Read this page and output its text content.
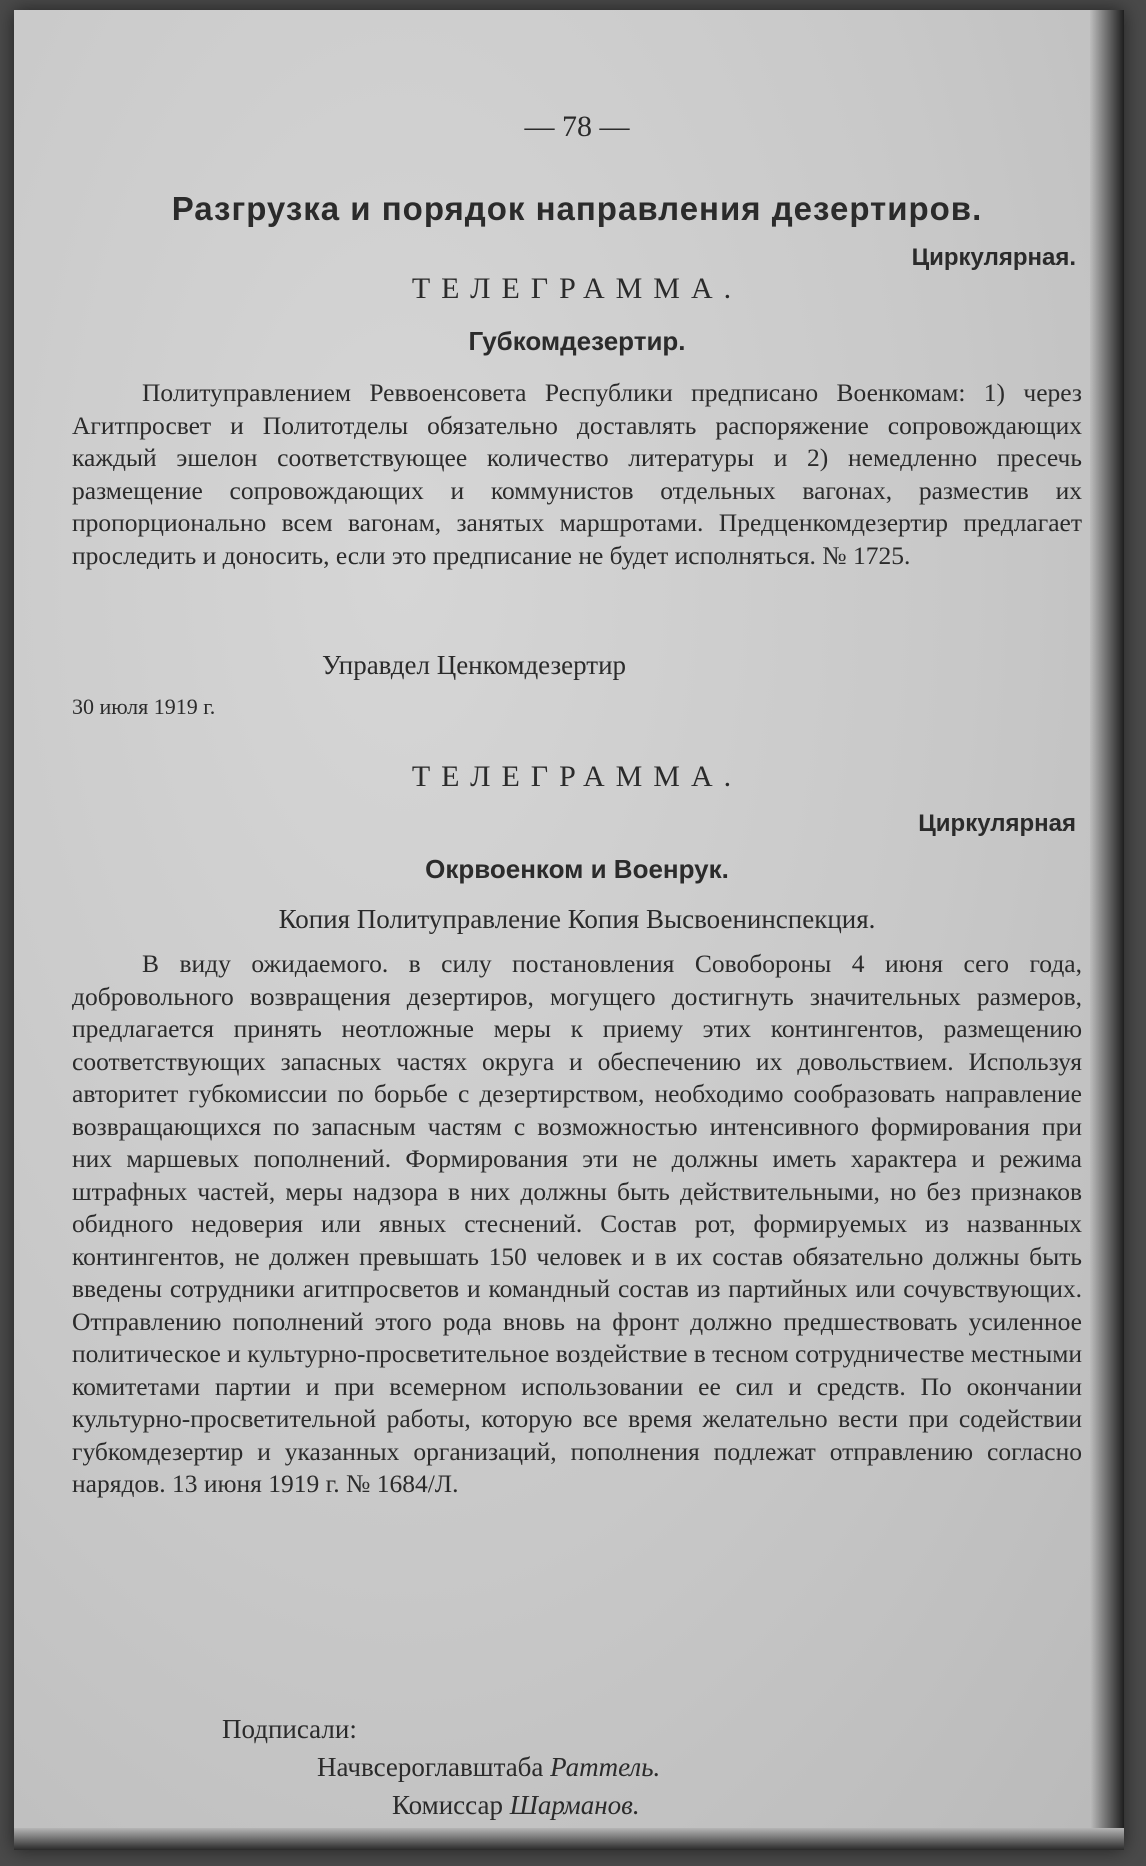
— 78 —
Разгрузка и порядок направления дезертиров.
Циркулярная.
ТЕЛЕГРАММА.
Губкомдезертир.
Политуправлением Реввоенсовета Республики предписано Военкомам: 1) через Агитпросвет и Политотделы обязательно доставлять распоряжение сопровождающих каждый эшелон соответствующее количество литературы и 2) немедленно пресечь размещение сопровождающих и коммунистов отдельных вагонах, разместив их пропорционально всем вагонам, занятых маршротами. Предценкомдезертир предлагает проследить и доносить, если это предписание не будет исполняться. № 1725.
Управдел Ценкомдезертир
30 июля 1919 г.
ТЕЛЕГРАММА.
Циркулярная
Окрвоенком и Военрук.
Копия Политуправление Копия Высвоенинспекция.
В виду ожидаемого. в силу постановления Совобороны 4 июня сего года, добровольного возвращения дезертиров, могущего достигнуть значительных размеров, предлагается принять неотложные меры к приему этих контингентов, размещению соответствующих запасных частях округа и обеспечению их довольствием. Используя авторитет губкомиссии по борьбе с дезертирством, необходимо сообразовать направление возвращающихся по запасным частям с возможностью интенсивного формирования при них маршевых пополнений. Формирования эти не должны иметь характера и режима штрафных частей, меры надзора в них должны быть действительными, но без признаков обидного недоверия или явных стеснений. Состав рот, формируемых из названных контингентов, не должен превышать 150 человек и в их состав обязательно должны быть введены сотрудники агитпросветов и командный состав из партийных или сочувствующих. Отправлению пополнений этого рода вновь на фронт должно предшествовать усиленное политическое и культурно-просветительное воздействие в тесном сотрудничестве местными комитетами партии и при всемерном использовании ее сил и средств. По окончании культурно-просветительной работы, которую все время желательно вести при содействии губкомдезертир и указанных организаций, пополнения подлежат отправлению согласно нарядов. 13 июня 1919 г. № 1684/Л.
Подписали:
Начвсероглавштаба Раттель.
Комиссар Шарманов.
